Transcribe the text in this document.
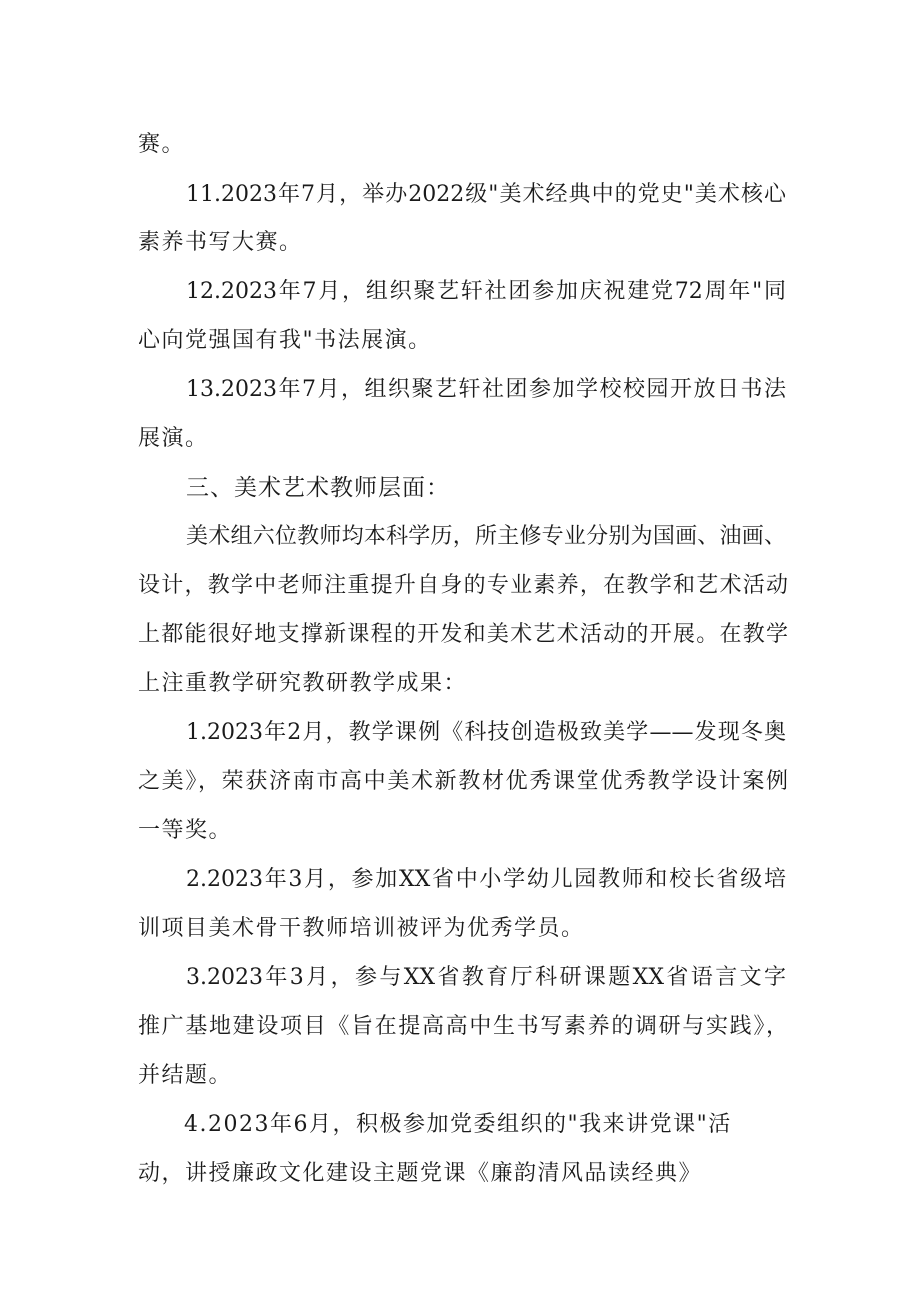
赛。
11.2023年7月，举办2022级"美术经典中的党史"美术核心
素养书写大赛。
12.2023年7月，组织聚艺轩社团参加庆祝建党72周年"同
心向党强国有我"书法展演。
13.2023年7月，组织聚艺轩社团参加学校校园开放日书法
展演。
三、美术艺术教师层面：
美术组六位教师均本科学历，所主修专业分别为国画、油画、
设计，教学中老师注重提升自身的专业素养，在教学和艺术活动
上都能很好地支撑新课程的开发和美术艺术活动的开展。在教学
上注重教学研究教研教学成果：
1.2023年2月，教学课例《科技创造极致美学——发现冬奥
之美》，荣获济南市高中美术新教材优秀课堂优秀教学设计案例
一等奖。
2.2023年3月，参加XX省中小学幼儿园教师和校长省级培
训项目美术骨干教师培训被评为优秀学员。
3.2023年3月，参与XX省教育厅科研课题XX省语言文字
推广基地建设项目《旨在提高高中生书写素养的调研与实践》，
并结题。
4.2023年6月，积极参加党委组织的"我来讲党课"活
动，讲授廉政文化建设主题党课《廉韵清风品读经典》
